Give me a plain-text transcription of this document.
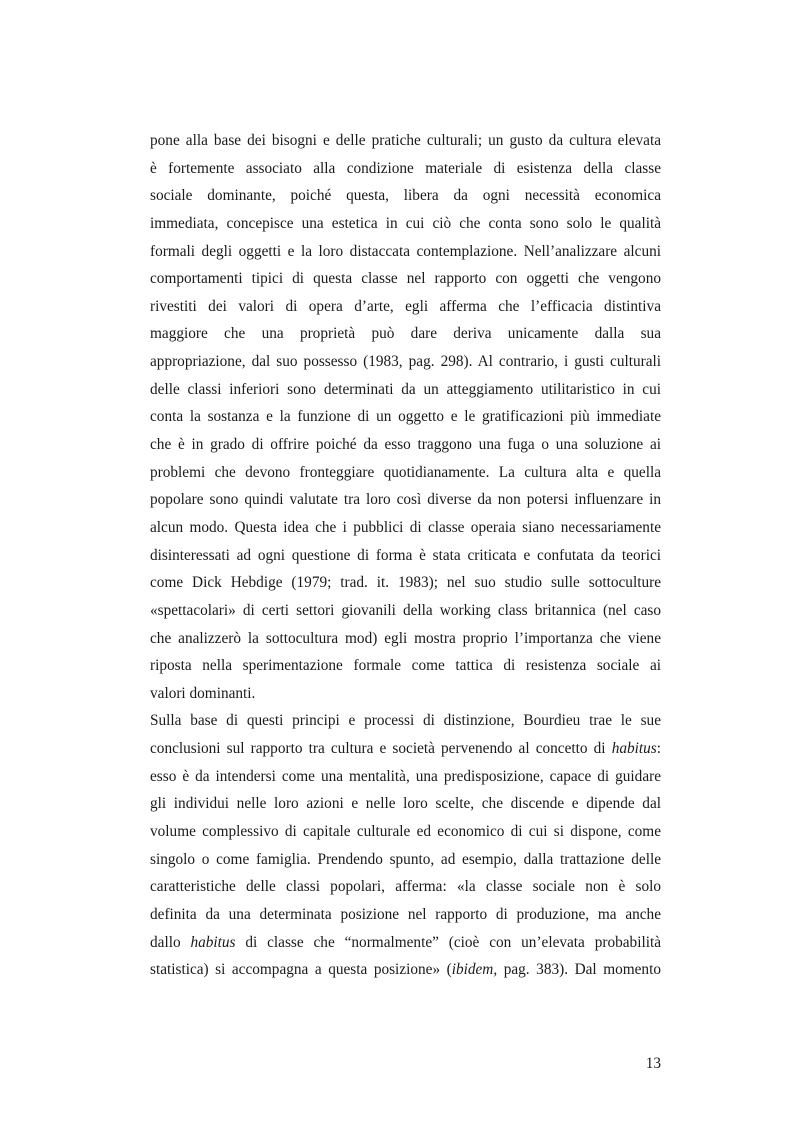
pone alla base dei bisogni e delle pratiche culturali; un gusto da cultura elevata
è fortemente associato alla condizione materiale di esistenza della classe
sociale dominante, poiché questa, libera da ogni necessità economica
immediata, concepisce una estetica in cui ciò che conta sono solo le qualità
formali degli oggetti e la loro distaccata contemplazione. Nell’analizzare alcuni
comportamenti tipici di questa classe nel rapporto con oggetti che vengono
rivestiti dei valori di opera d’arte, egli afferma che l’efficacia distintiva
maggiore che una proprietà può dare deriva unicamente dalla sua
appropriazione, dal suo possesso (1983, pag. 298). Al contrario, i gusti culturali
delle classi inferiori sono determinati da un atteggiamento utilitaristico in cui
conta la sostanza e la funzione di un oggetto e le gratificazioni più immediate
che è in grado di offrire poiché da esso traggono una fuga o una soluzione ai
problemi che devono fronteggiare quotidianamente. La cultura alta e quella
popolare sono quindi valutate tra loro così diverse da non potersi influenzare in
alcun modo. Questa idea che i pubblici di classe operaia siano necessariamente
disinteressati ad ogni questione di forma è stata criticata e confutata da teorici
come Dick Hebdige (1979; trad. it. 1983); nel suo studio sulle sottoculture
«spettacolari» di certi settori giovanili della working class britannica (nel caso
che analizzerò la sottocultura mod) egli mostra proprio l’importanza che viene
riposta nella sperimentazione formale come tattica di resistenza sociale ai
valori dominanti.
Sulla base di questi principi e processi di distinzione, Bourdieu trae le sue
conclusioni sul rapporto tra cultura e società pervenendo al concetto di habitus:
esso è da intendersi come una mentalità, una predisposizione, capace di guidare
gli individui nelle loro azioni e nelle loro scelte, che discende e dipende dal
volume complessivo di capitale culturale ed economico di cui si dispone, come
singolo o come famiglia. Prendendo spunto, ad esempio, dalla trattazione delle
caratteristiche delle classi popolari, afferma: «la classe sociale non è solo
definita da una determinata posizione nel rapporto di produzione, ma anche
dallo habitus di classe che “normalmente” (cioè con un’elevata probabilità
statistica) si accompagna a questa posizione» (ibidem, pag. 383). Dal momento
13
